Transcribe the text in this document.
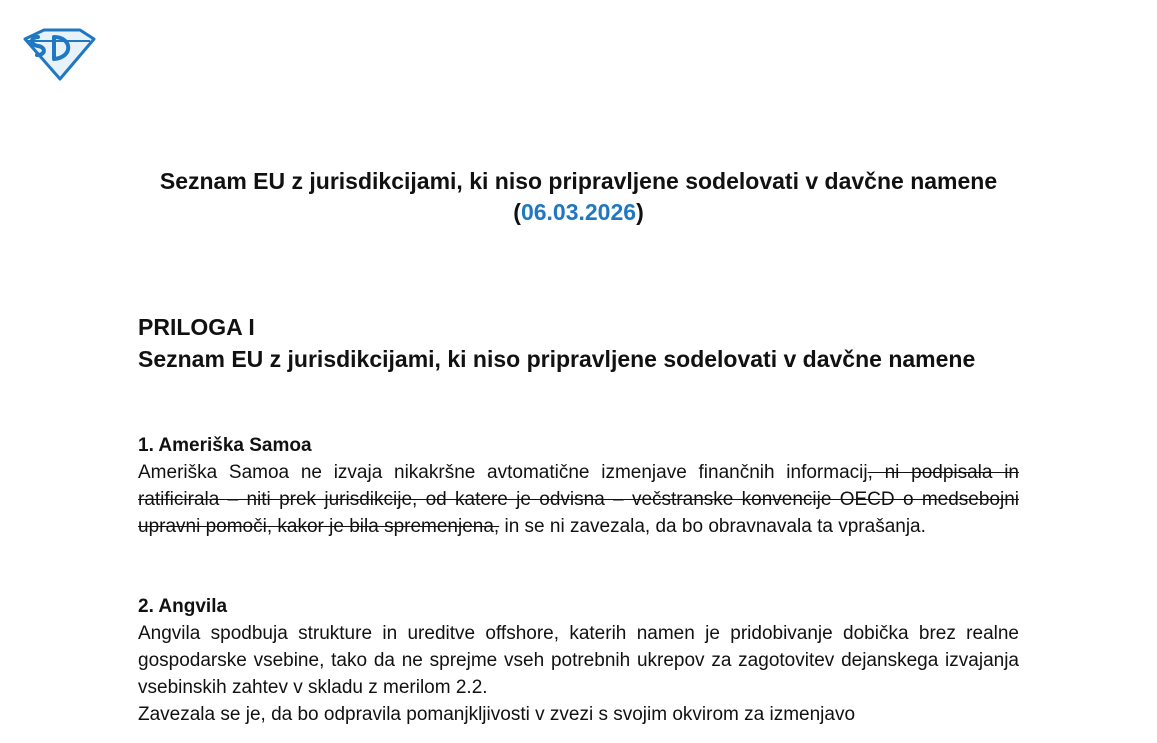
Seznam EU z jurisdikcijami, ki niso pripravljene sodelovati v davčne namene
(06.03.2026)
PRILOGA I
Seznam EU z jurisdikcijami, ki niso pripravljene sodelovati v davčne namene
1. Ameriška Samoa

Ameriška Samoa ne izvaja nikakršne avtomatične izmenjave finančnih informacij, ni podpisala in ratificirala – niti prek jurisdikcije, od katere je odvisna – večstranske konvencije OECD o medsebojni upravni pomoči, kakor je bila spremenjena, in se ni zavezala, da bo obravnavala ta vprašanja.

2. Angvila

Angvila spodbuja strukture in ureditve offshore, katerih namen je pridobivanje dobička brez realne gospodarske vsebine, tako da ne sprejme vseh potrebnih ukrepov za zagotovitev dejanskega izvajanja vsebinskih zahtev v skladu z merilom 2.2.

Zavezala se je, da bo odpravila pomanjkljivosti v zvezi s svojim okvirom za izmenjavo
